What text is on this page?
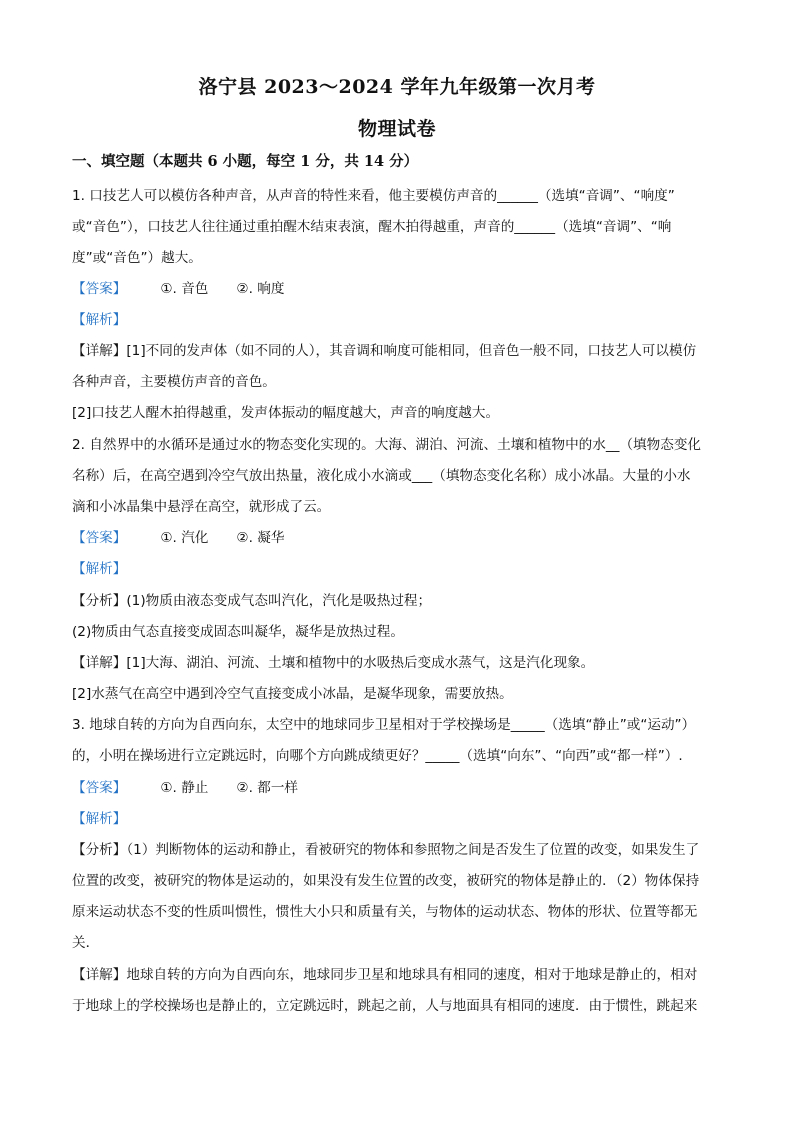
洛宁县 2023～2024 学年九年级第一次月考
物理试卷
一、填空题（本题共 6 小题，每空 1 分，共 14 分）
1. 口技艺人可以模仿各种声音，从声音的特性来看，他主要模仿声音的______（选填“音调”、“响度”
或“音色”），口技艺人往往通过重拍醒木结束表演，醒木拍得越重，声音的______（选填“音调”、“响
度”或“音色”）越大。
【答案】	①. 音色 ②. 响度
【解析】
【详解】[1]不同的发声体（如不同的人），其音调和响度可能相同，但音色一般不同，口技艺人可以模仿
各种声音，主要模仿声音的音色。
[2]口技艺人醒木拍得越重，发声体振动的幅度越大，声音的响度越大。
2. 自然界中的水循环是通过水的物态变化实现的。大海、湖泊、河流、土壤和植物中的水__（填物态变化
名称）后，在高空遇到冷空气放出热量，液化成小水滴或___（填物态变化名称）成小冰晶。大量的小水
滴和小冰晶集中悬浮在高空，就形成了云。
【答案】	①. 汽化 ②. 凝华
【解析】
【分析】(1)物质由液态变成气态叫汽化，汽化是吸热过程；
(2)物质由气态直接变成固态叫凝华，凝华是放热过程。
【详解】[1]大海、湖泊、河流、土壤和植物中的水吸热后变成水蒸气，这是汽化现象。
[2]水蒸气在高空中遇到冷空气直接变成小冰晶，是凝华现象，需要放热。
3. 地球自转的方向为自西向东，太空中的地球同步卫星相对于学校操场是_____（选填“静止”或“运动”）
的，小明在操场进行立定跳远时，向哪个方向跳成绩更好？_____（选填“向东”、“向西”或“都一样”）.
【答案】	①. 静止 ②. 都一样
【解析】
【分析】（1）判断物体的运动和静止，看被研究的物体和参照物之间是否发生了位置的改变，如果发生了
位置的改变，被研究的物体是运动的，如果没有发生位置的改变，被研究的物体是静止的．（2）物体保持
原来运动状态不变的性质叫惯性，惯性大小只和质量有关，与物体的运动状态、物体的形状、位置等都无
关．
【详解】地球自转的方向为自西向东，地球同步卫星和地球具有相同的速度，相对于地球是静止的，相对
于地球上的学校操场也是静止的，立定跳远时，跳起之前，人与地面具有相同的速度．由于惯性，跳起来
